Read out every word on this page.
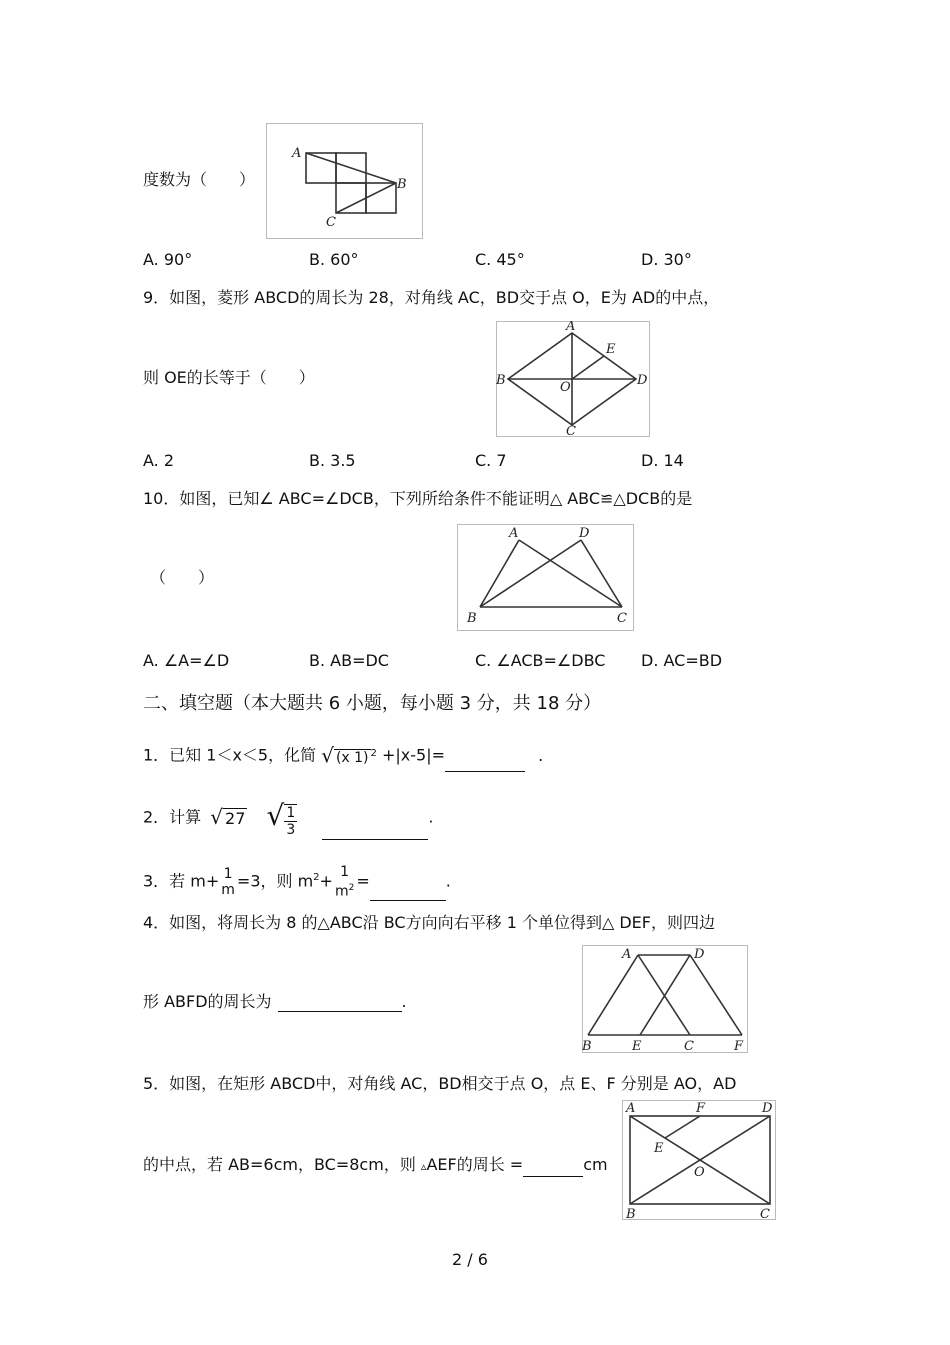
度数为（　　）
A
B
C
A. 90°	B. 60°	C. 45°	D. 30°
9．如图，菱形 ABCD的周长为 28，对角线 AC，BD交于点 O，E为 AD的中点，
则 OE的长等于（　　）
A
B
C
D
E
O
A. 2	B. 3.5	C. 7	D. 14
10．如图，已知∠ ABC=∠DCB，下列所给条件不能证明△ ABC≌△DCB的是
（　　）
A	D
B	C
A. ∠A=∠D	B. AB=DC	C. ∠ACB=∠DBC D. AC=BD
二、填空题（本大题共 6 小题，每小题 3 分，共 18 分）
1．已知 1＜x＜5，化简 √ (x 1) $^2$ +|x-5|=	.
2．计算 √ 27 √ $\frac{1}{3}$	.
3．若 m+ 1
m =3，则 $m^2+ 1$
$m^2$ =	.
4．如图，将周长为 8 的△ABC沿 BC方向向右平移 1 个单位得到△ DEF，则四边
形 ABFD的周长为	.
A	D
B	E	C	F
5．如图，在矩形 ABCD中，对角线 AC，BD相交于点 O，点 E、F 分别是 AO，AD
的中点，若 AB=6cm，BC=8cm，则 ▵AEF的周长 =	cm
A	F	D
E
O
B	C
2 / 6
